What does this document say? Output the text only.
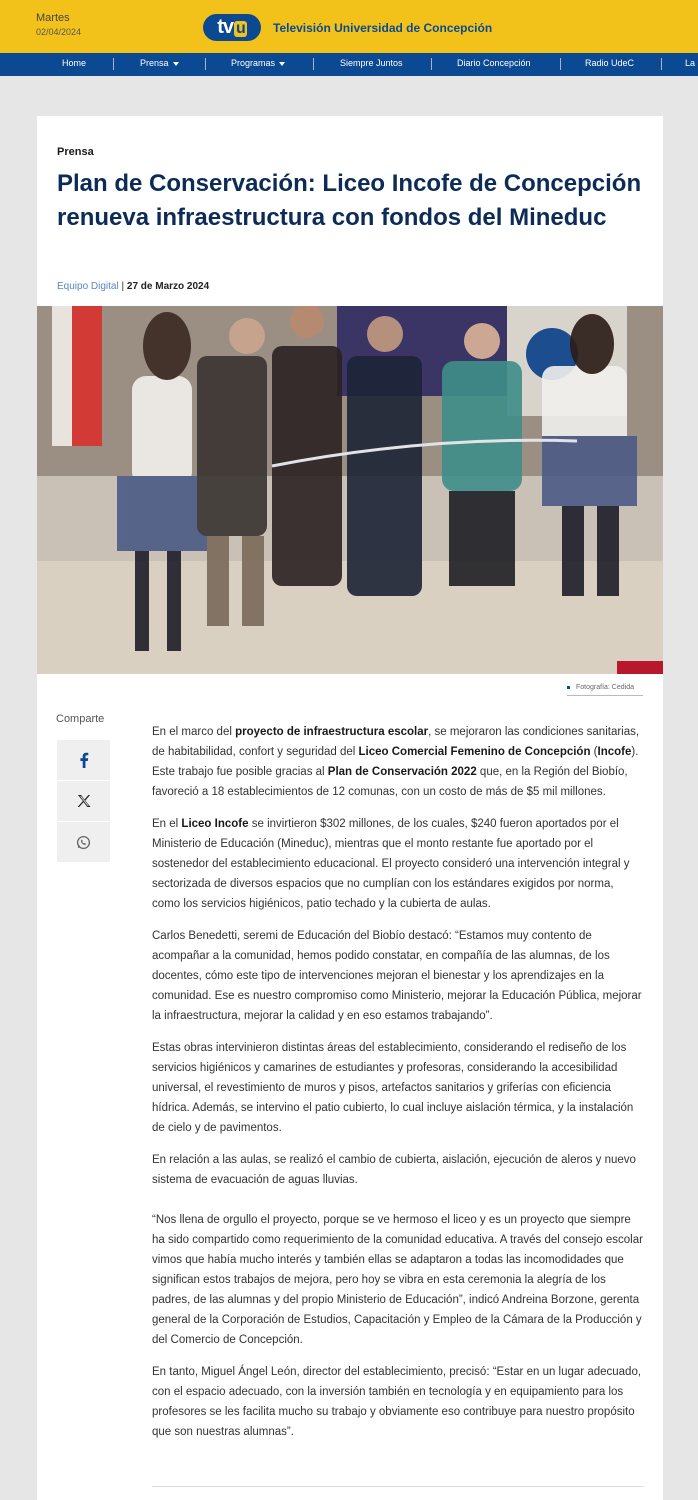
Martes
02/04/2024	tv u	Televisión Universidad de Concepción
Home	Prensa	Programas	Siempre Juntos	Diario Concepción	Radio UdeC	La
Prensa
Plan de Conservación: Liceo Incofe de Concepción renueva infraestructura con fondos del Mineduc
Equipo Digital | 27 de Marzo 2024
Fotografía: Cedida
Comparte

En el marco del proyecto de infraestructura escolar, se mejoraron las condiciones sanitarias, de habitabilidad, confort y seguridad del Liceo Comercial Femenino de Concepción (Incofe). Este trabajo fue posible gracias al Plan de Conservación 2022 que, en la Región del Biobío, favoreció a 18 establecimientos de 12 comunas, con un costo de más de $5 mil millones.

En el Liceo Incofe se invirtieron $302 millones, de los cuales, $240 fueron aportados por el Ministerio de Educación (Mineduc), mientras que el monto restante fue aportado por el sostenedor del establecimiento educacional. El proyecto consideró una intervención integral y sectorizada de diversos espacios que no cumplían con los estándares exigidos por norma, como los servicios higiénicos, patio techado y la cubierta de aulas.

Carlos Benedetti, seremi de Educación del Biobío destacó: “Estamos muy contento de acompañar a la comunidad, hemos podido constatar, en compañía de las alumnas, de los docentes, cómo este tipo de intervenciones mejoran el bienestar y los aprendizajes en la comunidad. Ese es nuestro compromiso como Ministerio, mejorar la Educación Pública, mejorar la infraestructura, mejorar la calidad y en eso estamos trabajando”.

Estas obras intervinieron distintas áreas del establecimiento, considerando el rediseño de los servicios higiénicos y camarines de estudiantes y profesoras, considerando la accesibilidad universal, el revestimiento de muros y pisos, artefactos sanitarios y griferías con eficiencia hídrica. Además, se intervino el patio cubierto, lo cual incluye aislación térmica, y la instalación de cielo y de pavimentos.

En relación a las aulas, se realizó el cambio de cubierta, aislación, ejecución de aleros y nuevo sistema de evacuación de aguas lluvias.

“Nos llena de orgullo el proyecto, porque se ve hermoso el liceo y es un proyecto que siempre ha sido compartido como requerimiento de la comunidad educativa. A través del consejo escolar vimos que había mucho interés y también ellas se adaptaron a todas las incomodidades que significan estos trabajos de mejora, pero hoy se vibra en esta ceremonia la alegría de los padres, de las alumnas y del propio Ministerio de Educación”, indicó Andreina Borzone, gerenta general de la Corporación de Estudios, Capacitación y Empleo de la Cámara de la Producción y del Comercio de Concepción.

En tanto, Miguel Ángel León, director del establecimiento, precisó: “Estar en un lugar adecuado, con el espacio adecuado, con la inversión también en tecnología y en equipamiento para los profesores se les facilita mucho su trabajo y obviamente eso contribuye para nuestro propósito que son nuestras alumnas”.
